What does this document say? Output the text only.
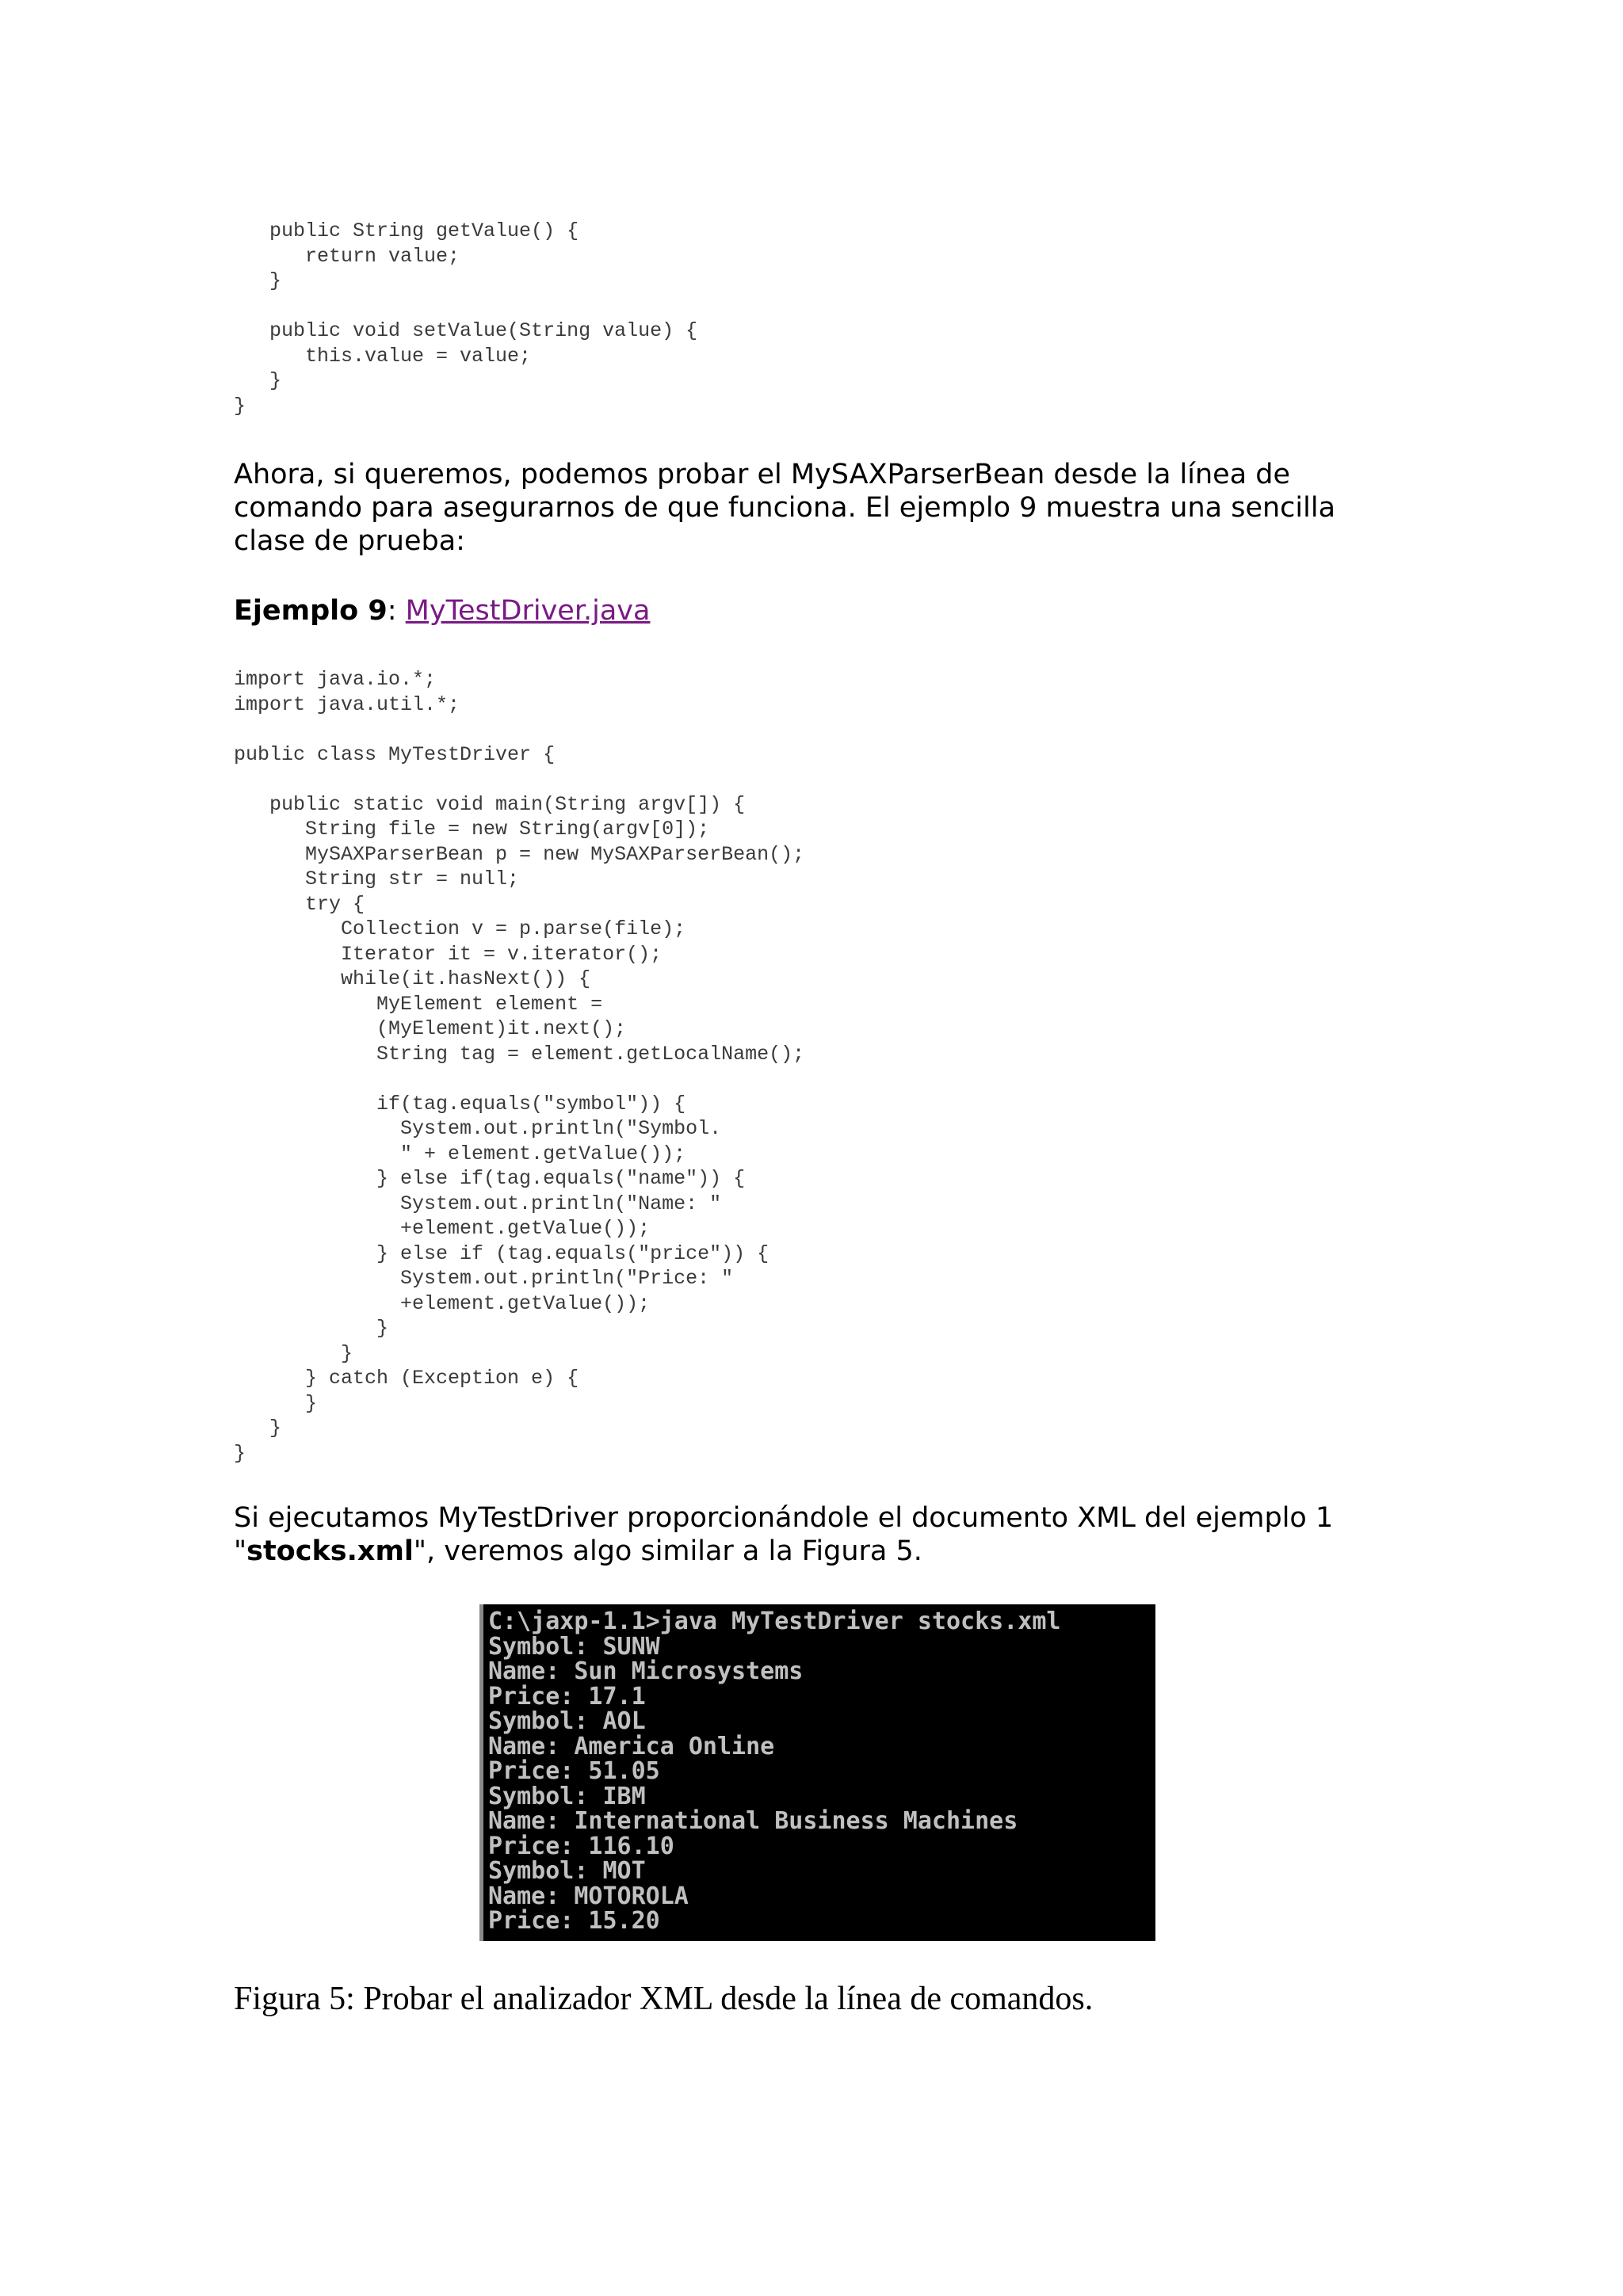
public String getValue() {
return value;
}

public void setValue(String value) {
this.value = value;
}
}
Ahora, si queremos, podemos probar el MySAXParserBean desde la línea de
comando para asegurarnos de que funciona. El ejemplo 9 muestra una sencilla
clase de prueba:
Ejemplo 9: MyTestDriver.java
import java.io.*;
import java.util.*;

public class MyTestDriver {

public static void main(String argv[]) {
String file = new String(argv[0]);
MySAXParserBean p = new MySAXParserBean();
String str = null;
try {
Collection v = p.parse(file);
Iterator it = v.iterator();
while(it.hasNext()) {
MyElement element =
(MyElement)it.next();
String tag = element.getLocalName();

if(tag.equals("symbol")) {
System.out.println("Symbol.
" + element.getValue());
} else if(tag.equals("name")) {
System.out.println("Name: "
+element.getValue());
} else if (tag.equals("price")) {
System.out.println("Price: "
+element.getValue());
}
}
} catch (Exception e) {
}
}
}
Si ejecutamos MyTestDriver proporcionándole el documento XML del ejemplo 1
"stocks.xml", veremos algo similar a la Figura 5.
C:\jaxp-1.1>java MyTestDriver stocks.xml
Symbol: SUNW
Name: Sun Microsystems
Price: 17.1
Symbol: AOL
Name: America Online
Price: 51.05
Symbol: IBM
Name: International Business Machines
Price: 116.10
Symbol: MOT
Name: MOTOROLA
Price: 15.20
Figura 5: Probar el analizador XML desde la línea de comandos.
